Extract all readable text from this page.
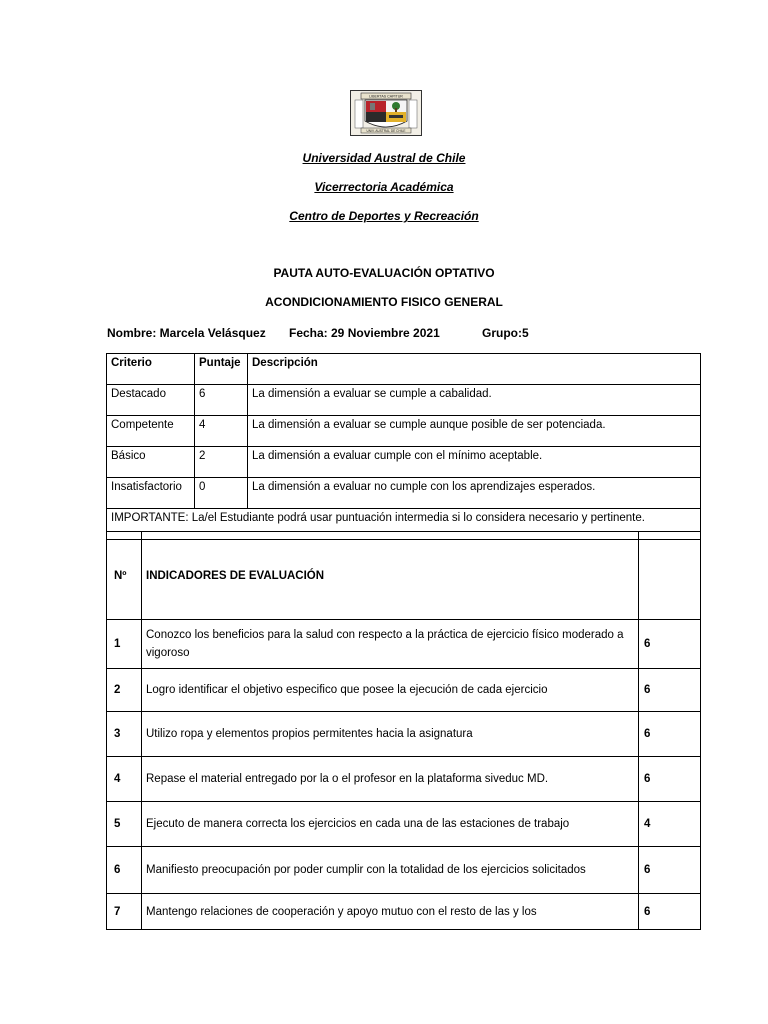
LIBERTAS CAPITUR
UNIV. AUSTRAL DE CHILE
Universidad Austral de Chile
Vicerrectoria Académica
Centro de Deportes y Recreación
PAUTA AUTO-EVALUACIÓN OPTATIVO
ACONDICIONAMIENTO FISICO GENERAL
Nombre: Marcela Velásquez Fecha: 29 Noviembre 2021	Grupo:5
Criterio	Puntaje	Descripción
Destacado	6	La dimensión a evaluar se cumple a cabalidad.
Competente	4	La dimensión a evaluar se cumple aunque posible de ser potenciada.
Básico	2	La dimensión a evaluar cumple con el mínimo aceptable.
Insatisfactorio	0	La dimensión a evaluar no cumple con los aprendizajes esperados.
IMPORTANTE: La/el Estudiante podrá usar puntuación intermedia si lo considera necesario y pertinente.		
Nº	INDICADORES DE EVALUACIÓN	
1	Conozco los beneficios para la salud con respecto a la práctica de ejercicio físico moderado a vigoroso	6
2	Logro identificar el objetivo especifico que posee la ejecución de cada ejercicio	6
3	Utilizo ropa y elementos propios permitentes hacia la asignatura	6
4	Repase el material entregado por la o el profesor en la plataforma siveduc MD.	6
5	Ejecuto de manera correcta los ejercicios en cada una de las estaciones de trabajo	4
6	Manifiesto preocupación por poder cumplir con la totalidad de los ejercicios solicitados	6
7	Mantengo relaciones de cooperación y apoyo mutuo con el resto de las y los	6
